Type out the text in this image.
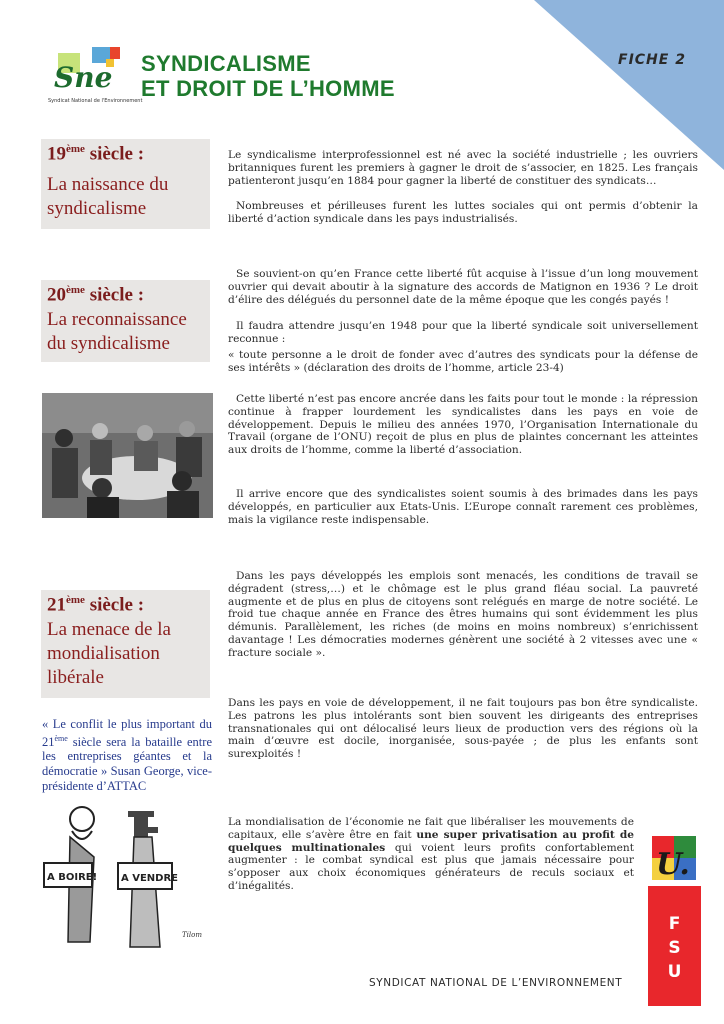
FICHE 2
Sne
Syndicat National de l'Environnement
SYNDICALISME
ET DROIT DE L’HOMME
19ème siècle :
La naissance du syndicalisme
Le syndicalisme interprofessionnel est né avec la société industrielle ; les ouvriers britanniques furent les premiers à gagner le droit de s’associer, en 1825. Les français patienteront jusqu’en 1884 pour gagner la liberté de constituer des syndicats…
Nombreuses et périlleuses furent les luttes sociales qui ont permis d’obtenir la liberté d’action syndicale dans les pays industrialisés.
20ème siècle :
La reconnaissance du syndicalisme
Se souvient-on qu’en France cette liberté fût acquise à l’issue d’un long mouvement ouvrier qui devait aboutir à la signature des accords de Matignon en 1936 ? Le droit d’élire des délégués du personnel date de la même époque que les congés payés !
Il faudra attendre jusqu’en 1948 pour que la liberté syndicale soit universellement reconnue :
« toute personne a le droit de fonder avec d’autres des syndicats pour la défense de ses intérêts » (déclaration des droits de l’homme, article 23-4)
Cette liberté n’est pas encore ancrée dans les faits pour tout le monde : la répression continue à frapper lourdement les syndicalistes dans les pays en voie de développement. Depuis le milieu des années 1970, l’Organisation Internationale du Travail (organe de l’ONU) reçoit de plus en plus de plaintes concernant les atteintes aux droits de l’homme, comme la liberté d’association.
Il arrive encore que des syndicalistes soient soumis à des brimades dans les pays développés, en particulier aux Etats-Unis. L’Europe connaît rarement ces problèmes, mais la vigilance reste indispensable.
21ème siècle :
La menace de la mondialisation libérale
Dans les pays développés les emplois sont menacés, les conditions de travail se dégradent (stress,…) et le chômage est le plus grand fléau social. La pauvreté augmente et de plus en plus de citoyens sont relégués en marge de notre société. Le froid tue chaque année en France des êtres humains qui sont évidemment les plus démunis. Parallèlement, les riches (de moins en moins nombreux) s’enrichissent davantage ! Les démocraties modernes génèrent une société à 2 vitesses avec une « fracture sociale ».
Dans les pays en voie de développement, il ne fait toujours pas bon être syndicaliste. Les patrons les plus intolérants sont bien souvent les dirigeants des entreprises transnationales qui ont délocalisé leurs lieux de production vers des régions où la main d’œuvre est docile, inorganisée, sous-payée ; de plus les enfants sont surexploités !
« Le conflit le plus important du 21ème siècle sera la bataille entre les entreprises géantes et la démocratie » Susan George, vice-présidente d’ATTAC
A BOIRE! A VENDRE
Tilom
La mondialisation de l’économie ne fait que libéraliser les mouvements de capitaux, elle s’avère être en fait une super privatisation au profit de quelques multinationales qui voient leurs profits confortablement augmenter : le combat syndical est plus que jamais nécessaire pour s’opposer aux choix économiques générateurs de reculs sociaux et d’inégalités.
U.
F
S
U
SYNDICAT NATIONAL DE L’ENVIRONNEMENT
